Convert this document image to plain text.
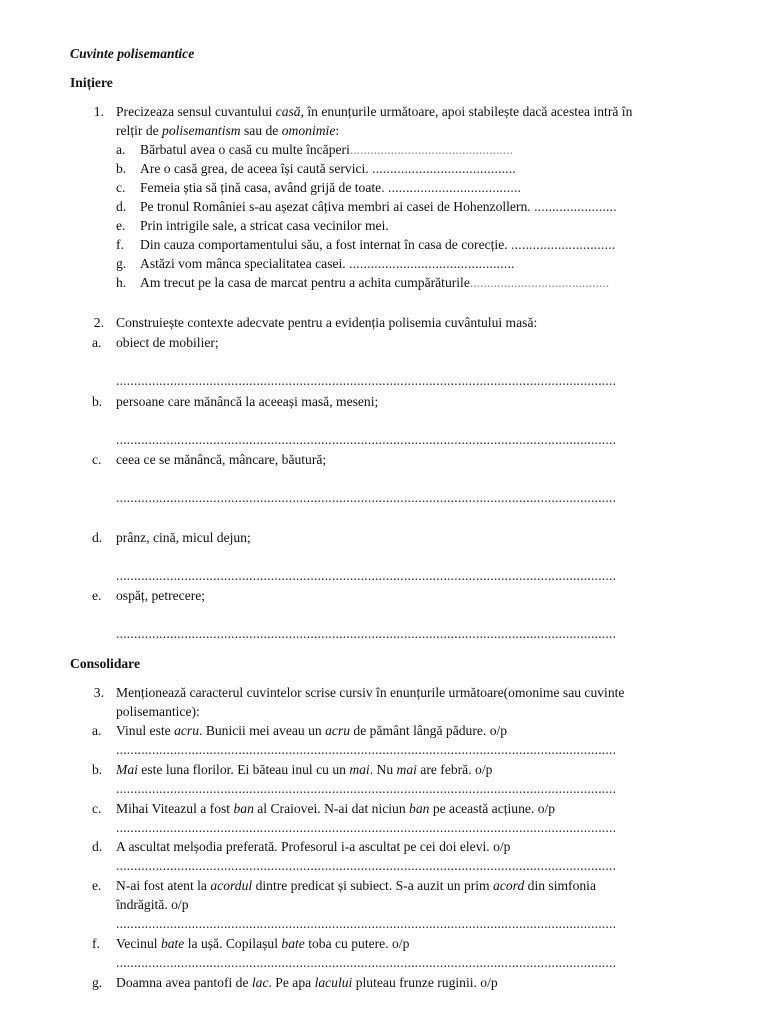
Cuvinte polisemantice
Inițiere
1. Precizeaza sensul cuvantului casă, în enunțurile următoare, apoi stabilește dacă acestea intră în
relțir de polisemantism sau de omonimie:
a. Bărbatul avea o casă cu multe încăperi................................................
b. Are o casă grea, de aceea își caută servici. ........................................
c. Femeia știa să țină casa, având grijă de toate. .....................................
d. Pe tronul României s-au așezat câțiva membri ai casei de Hohenzollern. .......................
e. Prin intrigile sale, a stricat casa vecinilor mei.
f. Din cauza comportamentului său, a fost internat în casa de corecție. .............................
g. Astăzi vom mânca specialitatea casei. ..............................................
h. Am trecut pe la casa de marcat pentru a achita cumpărăturile.........................................
2. Construiește contexte adecvate pentru a evidenția polisemia cuvântului masă:
a. obiect de mobilier;
...........................................................................................................................................
b. persoane care mănâncă la aceeași masă, meseni;
...........................................................................................................................................
c. ceea ce se mănâncă, mâncare, băutură;
...........................................................................................................................................
d. prânz, cină, micul dejun;
...........................................................................................................................................
e. ospăț, petrecere;
...........................................................................................................................................
Consolidare
3. Menționează caracterul cuvintelor scrise cursiv în enunțurile următoare(omonime sau cuvinte
polisemantice):
a. Vinul este acru. Bunicii mei aveau un acru de pământ lângă pădure. o/p
...........................................................................................................................................
b. Mai este luna florilor. Ei băteau inul cu un mai. Nu mai are febră. o/p
...........................................................................................................................................
c. Mihai Viteazul a fost ban al Craiovei. N-ai dat niciun ban pe această acțiune. o/p
...........................................................................................................................................
d. A ascultat melșodia preferată. Profesorul i-a ascultat pe cei doi elevi. o/p
...........................................................................................................................................
e. N-ai fost atent la acordul dintre predicat și subiect. S-a auzit un prim acord din simfonia
îndrăgită. o/p
...........................................................................................................................................
f. Vecinul bate la ușă. Copilașul bate toba cu putere. o/p
...........................................................................................................................................
g. Doamna avea pantofi de lac. Pe apa lacului pluteau frunze ruginii. o/p
